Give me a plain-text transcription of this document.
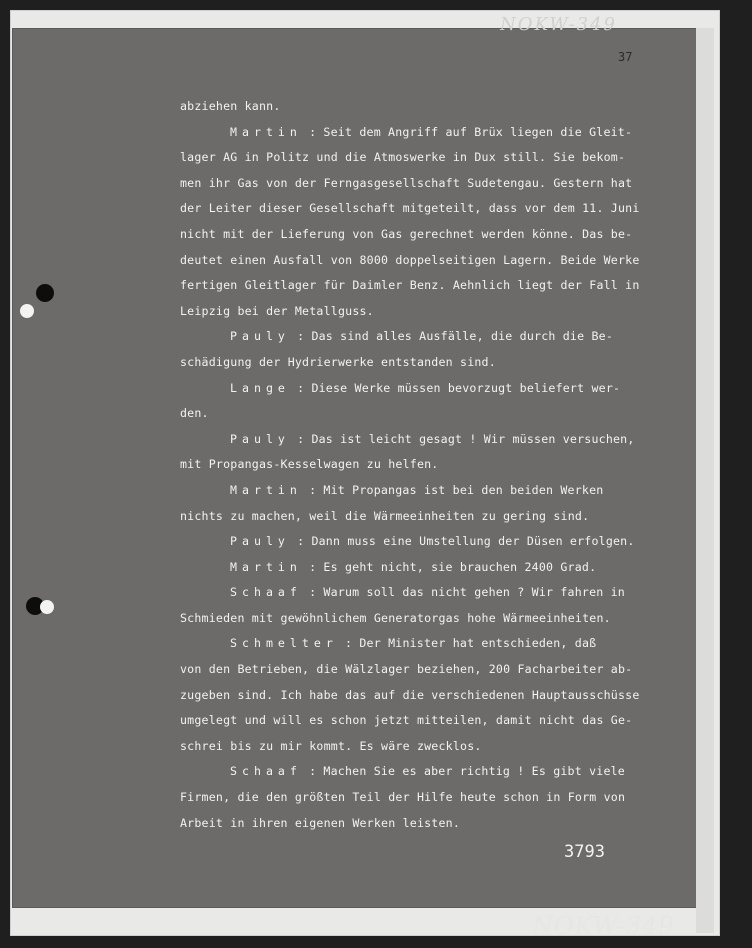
NOKW-349
37
abziehen kann.
Martin : Seit dem Angriff auf Brüx liegen die Gleit-
lager AG in Politz und die Atmoswerke in Dux still. Sie bekom-
men ihr Gas von der Ferngasgesellschaft Sudetengau. Gestern hat
der Leiter dieser Gesellschaft mitgeteilt, dass vor dem 11. Juni
nicht mit der Lieferung von Gas gerechnet werden könne. Das be-
deutet einen Ausfall von 8000 doppelseitigen Lagern. Beide Werke
fertigen Gleitlager für Daimler Benz. Aehnlich liegt der Fall in
Leipzig bei der Metallguss.
Pauly : Das sind alles Ausfälle, die durch die Be-
schädigung der Hydrierwerke entstanden sind.
Lange : Diese Werke müssen bevorzugt beliefert wer-
den.
Pauly : Das ist leicht gesagt ! Wir müssen versuchen,
mit Propangas-Kesselwagen zu helfen.
Martin : Mit Propangas ist bei den beiden Werken
nichts zu machen, weil die Wärmeeinheiten zu gering sind.
Pauly : Dann muss eine Umstellung der Düsen erfolgen.
Martin : Es geht nicht, sie brauchen 2400 Grad.
Schaaf : Warum soll das nicht gehen ? Wir fahren in
Schmieden mit gewöhnlichem Generatorgas hohe Wärmeeinheiten.
Schmelter : Der Minister hat entschieden, daß
von den Betrieben, die Wälzlager beziehen, 200 Facharbeiter ab-
zugeben sind. Ich habe das auf die verschiedenen Hauptausschüsse
umgelegt und will es schon jetzt mitteilen, damit nicht das Ge-
schrei bis zu mir kommt. Es wäre zwecklos.
Schaaf : Machen Sie es aber richtig ! Es gibt viele
Firmen, die den größten Teil der Hilfe heute schon in Form von
Arbeit in ihren eigenen Werken leisten.
3793
NOKW-349
